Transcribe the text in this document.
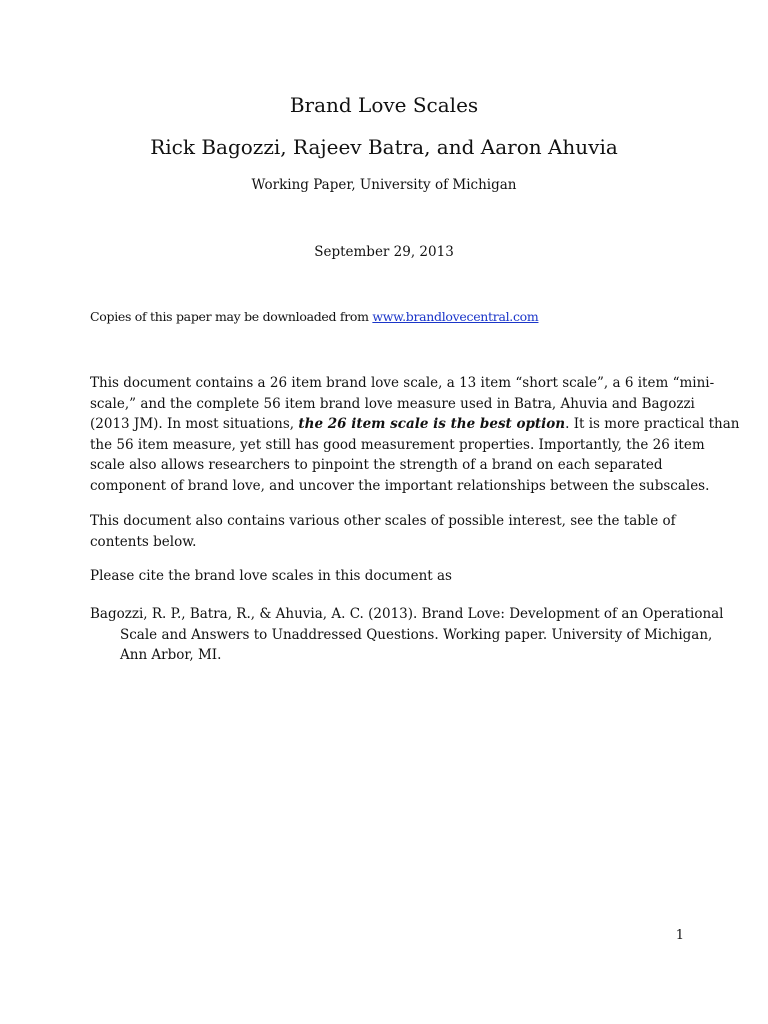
Brand Love Scales
Rick Bagozzi, Rajeev Batra, and Aaron Ahuvia
Working Paper, University of Michigan
September 29, 2013
Copies of this paper may be downloaded from www.brandlovecentral.com
This document contains a 26 item brand love scale, a 13 item “short scale”, a 6 item “mini-
scale,” and the complete 56 item brand love measure used in Batra, Ahuvia and Bagozzi
(2013 JM). In most situations, the 26 item scale is the best option. It is more practical than
the 56 item measure, yet still has good measurement properties. Importantly, the 26 item
scale also allows researchers to pinpoint the strength of a brand on each separated
component of brand love, and uncover the important relationships between the subscales.
This document also contains various other scales of possible interest, see the table of
contents below.
Please cite the brand love scales in this document as
Bagozzi, R. P., Batra, R., & Ahuvia, A. C. (2013). Brand Love: Development of an Operational
Scale and Answers to Unaddressed Questions. Working paper. University of Michigan,
Ann Arbor, MI.
1
